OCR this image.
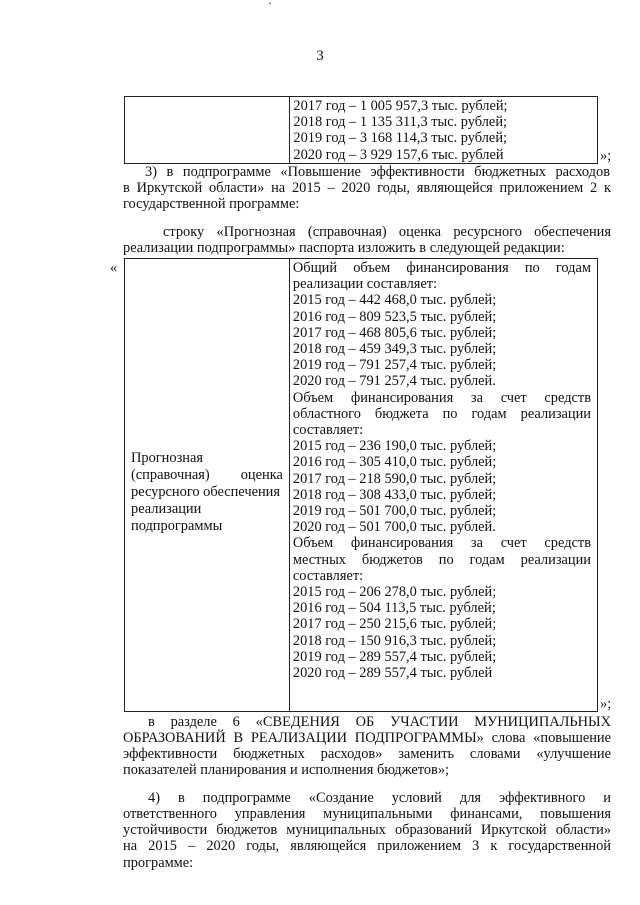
`
3

2017 год – 1 005 957,3 тыс. рублей;
2018 год – 1 135 311,3 тыс. рублей;
2019 год – 3 168 114,3 тыс. рублей;
2020 год – 3 929 157,6 тыс. рублей	»;
3) в подпрограмме «Повышение эффективности бюджетных расходов
в Иркутской области» на 2015 – 2020 годы, являющейся приложением 2 к
государственной программе:
строку «Прогнозная (справочная) оценка ресурсного обеспечения
реализации подпрограммы» паспорта изложить в следующей редакции:
«
Прогнозная
(справочная) оценка
ресурсного обеспечения
реализации
подпрограммы

Общий объем финансирования по годам
реализации составляет:
2015 год – 442 468,0 тыс. рублей;
2016 год – 809 523,5 тыс. рублей;
2017 год – 468 805,6 тыс. рублей;
2018 год – 459 349,3 тыс. рублей;
2019 год – 791 257,4 тыс. рублей;
2020 год – 791 257,4 тыс. рублей.
Объем финансирования за счет средств
областного бюджета по годам реализации
составляет:
2015 год – 236 190,0 тыс. рублей;
2016 год – 305 410,0 тыс. рублей;
2017 год – 218 590,0 тыс. рублей;
2018 год – 308 433,0 тыс. рублей;
2019 год – 501 700,0 тыс. рублей;
2020 год – 501 700,0 тыс. рублей.
Объем финансирования за счет средств
местных бюджетов по годам реализации
составляет:
2015 год – 206 278,0 тыс. рублей;
2016 год – 504 113,5 тыс. рублей;
2017 год – 250 215,6 тыс. рублей;
2018 год – 150 916,3 тыс. рублей;
2019 год – 289 557,4 тыс. рублей;
2020 год – 289 557,4 тыс. рублей
»;
в разделе 6 «СВЕДЕНИЯ ОБ УЧАСТИИ МУНИЦИПАЛЬНЫХ
ОБРАЗОВАНИЙ В РЕАЛИЗАЦИИ ПОДПРОГРАММЫ» слова «повышение
эффективности бюджетных расходов» заменить словами «улучшение
показателей планирования и исполнения бюджетов»;
4) в подпрограмме «Создание условий для эффективного и
ответственного управления муниципальными финансами, повышения
устойчивости бюджетов муниципальных образований Иркутской области»
на 2015 – 2020 годы, являющейся приложением 3 к государственной
программе:
